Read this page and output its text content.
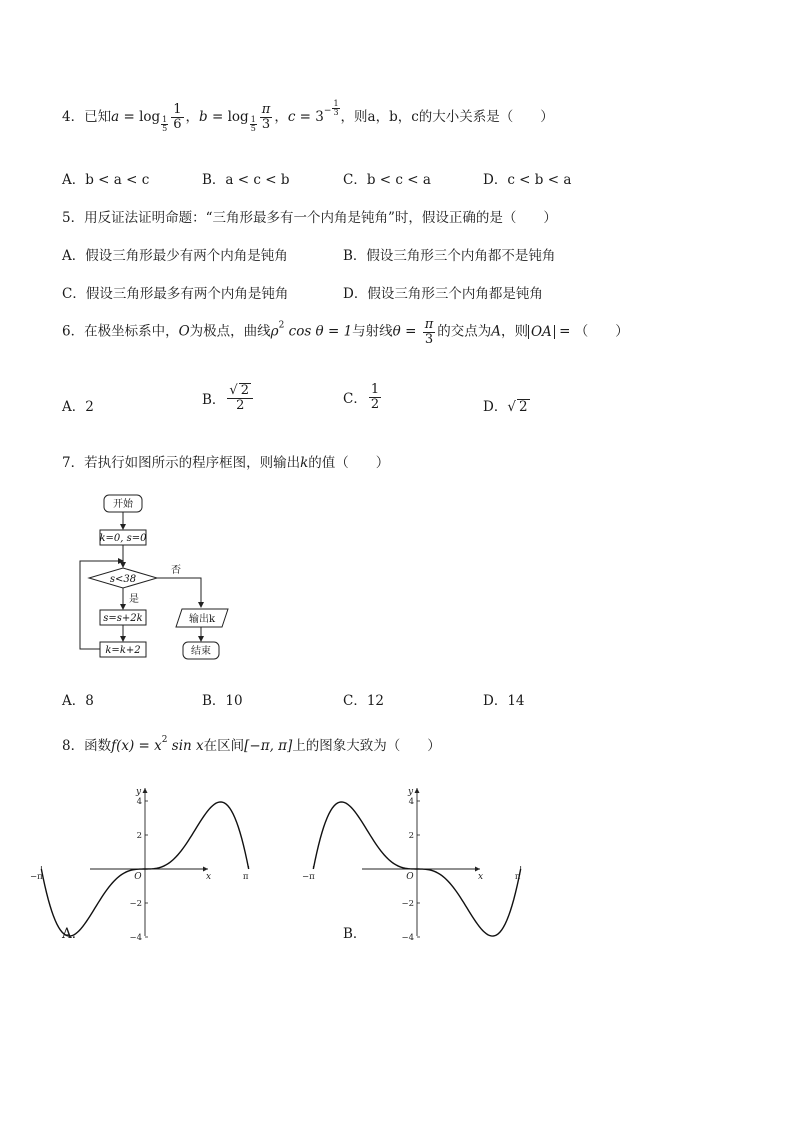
4．已知$a = \log \frac{1}{5} \frac{1}{6}$ ，$b = \log \frac{1}{5} \frac{\pi}{3}$ ，$c = 3^{- \frac{1}{3}}$ ，则a，b，c的大小关系是（　　）
A．b < a < c	B．a < c < b	C．b < c < a	D．c < b < a
5．用反证法证明命题：“三角形最多有一个内角是钝角”时，假设正确的是（　　）
A．假设三角形最少有两个内角是钝角	B．假设三角形三个内角都不是钝角
C．假设三角形最多有两个内角是钝角	D．假设三角形三个内角都是钝角
6．在极坐标系中，O为极点，曲线$\rho^2$ cos θ = 1与射线$\theta = \frac{\pi}{3}$ 的交点为A，则 OA = （　　）
A．2	B． $\frac{√ 2}{2}$	C． $\frac{1}{2}$	D．√ 2
7．若执行如图所示的程序框图，则输出k的值（　　）
开始
k=0, s=0
s<38
否
是
s=s+2k
k=k+2
输出k
结束
A．8	B．10	C．12	D．14
8．函数$f(x) = x^2$ sin x在区间[−π, π]上的图象大致为（　　）
A．
4
2
−2
−4
−π	π
O	x
y
B．
4
2
−2
−4
−π	π
O	x
y
